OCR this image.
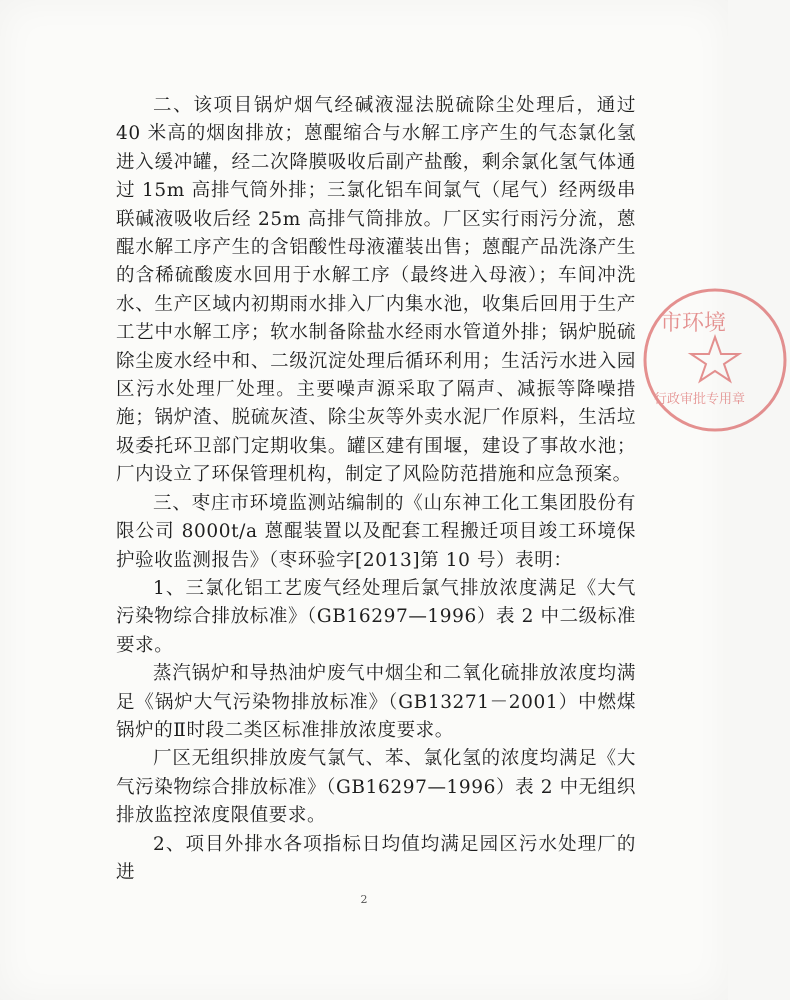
二、该项目锅炉烟气经碱液湿法脱硫除尘处理后，通过 40 米高的烟囱排放；蒽醌缩合与水解工序产生的气态氯化氢进入缓冲罐，经二次降膜吸收后副产盐酸，剩余氯化氢气体通过 15m 高排气筒外排；三氯化铝车间氯气（尾气）经两级串联碱液吸收后经 25m 高排气筒排放。厂区实行雨污分流，蒽醌水解工序产生的含铝酸性母液灌装出售；蒽醌产品洗涤产生的含稀硫酸废水回用于水解工序（最终进入母液）；车间冲洗水、生产区域内初期雨水排入厂内集水池，收集后回用于生产工艺中水解工序；软水制备除盐水经雨水管道外排；锅炉脱硫除尘废水经中和、二级沉淀处理后循环利用；生活污水进入园区污水处理厂处理。主要噪声源采取了隔声、减振等降噪措施；锅炉渣、脱硫灰渣、除尘灰等外卖水泥厂作原料，生活垃圾委托环卫部门定期收集。罐区建有围堰，建设了事故水池；厂内设立了环保管理机构，制定了风险防范措施和应急预案。

三、枣庄市环境监测站编制的《山东神工化工集团股份有限公司 8000t/a 蒽醌装置以及配套工程搬迁项目竣工环境保护验收监测报告》（枣环验字[2013]第 10 号）表明：

1、三氯化铝工艺废气经处理后氯气排放浓度满足《大气污染物综合排放标准》（GB16297—1996）表 2 中二级标准要求。

蒸汽锅炉和导热油炉废气中烟尘和二氧化硫排放浓度均满足《锅炉大气污染物排放标准》（GB13271－2001）中燃煤锅炉的Ⅱ时段二类区标准排放浓度要求。

厂区无组织排放废气氯气、苯、氯化氢的浓度均满足《大气污染物综合排放标准》（GB16297—1996）表 2 中无组织排放监控浓度限值要求。

2、项目外排水各项指标日均值均满足园区污水处理厂的进

市环境
行政审批专用章
2
